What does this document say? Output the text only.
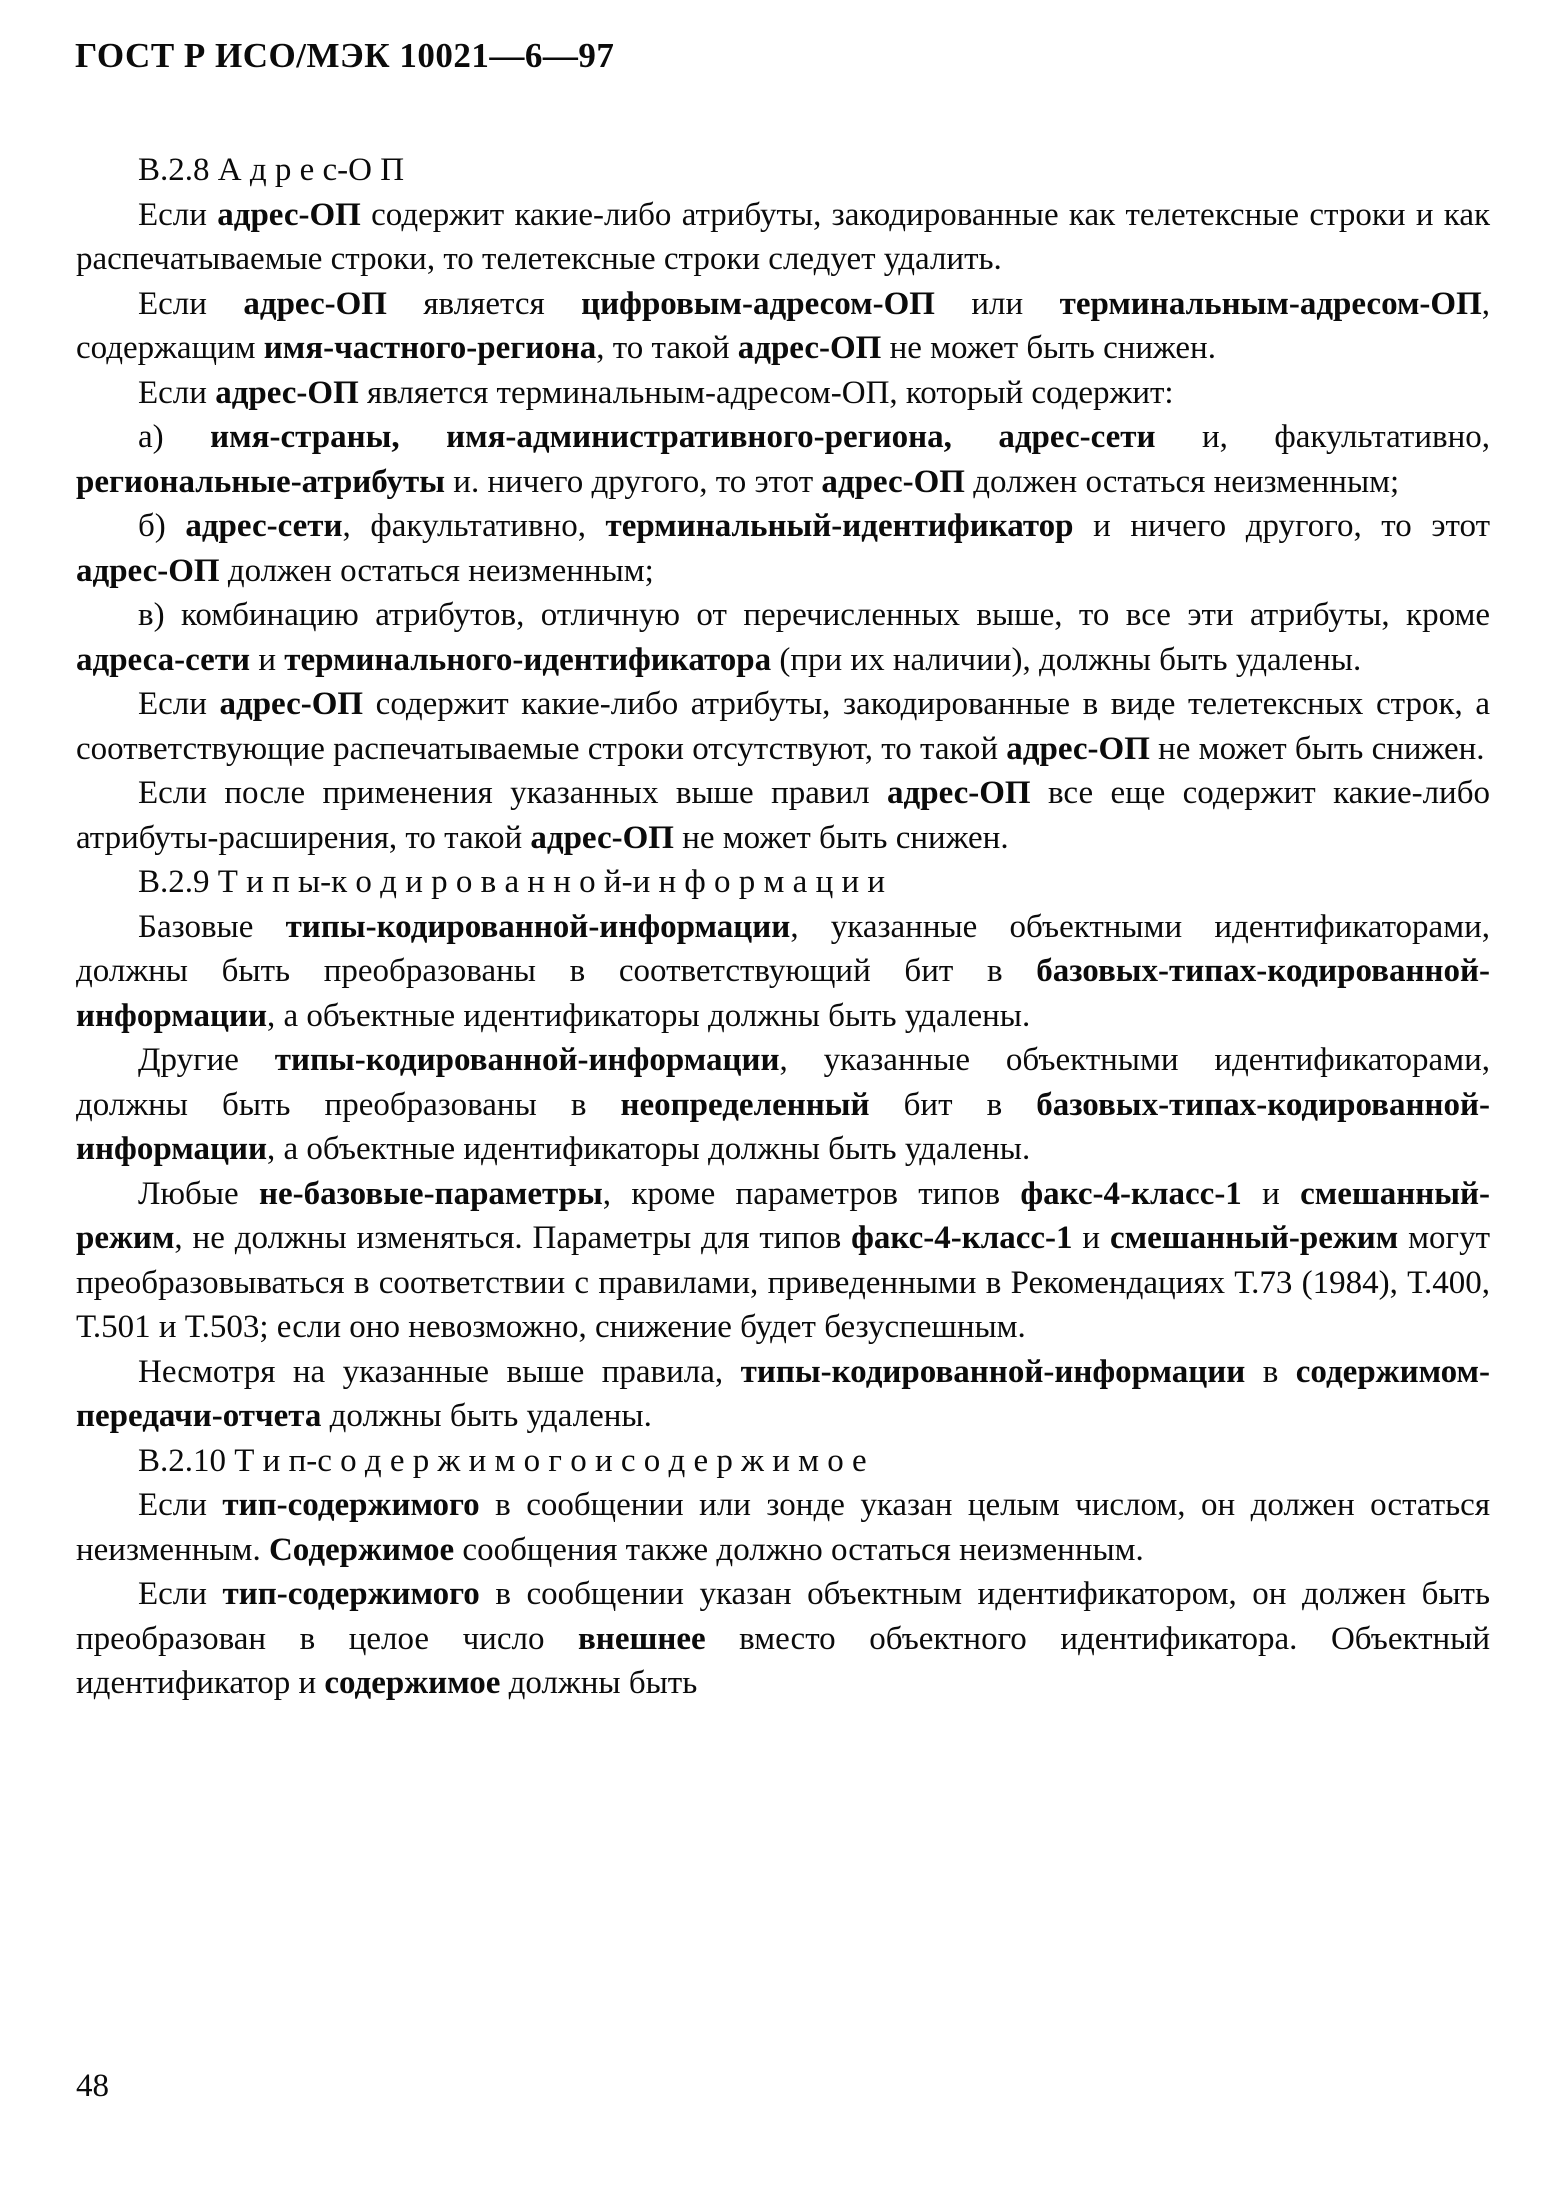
ГОСТ Р ИСО/МЭК 10021—6—97

В.2.8 А д р е с-О П

Если адрес-ОП содержит какие-либо атрибуты, закодированные как телетексные строки и как распечатываемые строки, то телетексные строки следует удалить.

Если адрес-ОП является цифровым-адресом-ОП или терминальным-адресом-ОП, содержащим имя-частного-региона, то такой адрес-ОП не может быть снижен.

Если адрес-ОП является терминальным-адресом-ОП, который содержит:

а) имя-страны, имя-административного-региона, адрес-сети и, факультативно, региональные-атрибуты и. ничего другого, то этот адрес-ОП должен остаться неизменным;

б) адрес-сети, факультативно, терминальный-идентификатор и ничего другого, то этот адрес-ОП должен остаться неизменным;

в) комбинацию атрибутов, отличную от перечисленных выше, то все эти атрибуты, кроме адреса-сети и терминального-идентификатора (при их наличии), должны быть удалены.

Если адрес-ОП содержит какие-либо атрибуты, закодированные в виде телетексных строк, а соответствующие распечатываемые строки отсутствуют, то такой адрес-ОП не может быть снижен.

Если после применения указанных выше правил адрес-ОП все еще содержит какие-либо атрибуты-расширения, то такой адрес-ОП не может быть снижен.

В.2.9 Т и п ы-к о д и р о в а н н о й-и н ф о р м а ц и и

Базовые типы-кодированной-информации, указанные объектными идентификаторами, должны быть преобразованы в соответствующий бит в базовых-типах-кодированной-информации, а объектные идентификаторы должны быть удалены.

Другие типы-кодированной-информации, указанные объектными идентификаторами, должны быть преобразованы в неопределенный бит в базовых-типах-кодированной-информации, а объектные идентификаторы должны быть удалены.

Любые не-базовые-параметры, кроме параметров типов факс-4-класс-1 и смешанный-режим, не должны изменяться. Параметры для типов факс-4-класс-1 и смешанный-режим могут преобразовываться в соответствии с правилами, приведенными в Рекомендациях Т.73 (1984), Т.400, Т.501 и Т.503; если оно невозможно, снижение будет безуспешным.

Несмотря на указанные выше правила, типы-кодированной-информации в содержимом-передачи-отчета должны быть удалены.

В.2.10 Т и п-с о д е р ж и м о г о и с о д е р ж и м о е

Если тип-содержимого в сообщении или зонде указан целым числом, он должен остаться неизменным. Содержимое сообщения также должно остаться неизменным.

Если тип-содержимого в сообщении указан объектным идентификатором, он должен быть преобразован в целое число внешнее вместо объектного идентификатора. Объектный идентификатор и содержимое должны быть

48
